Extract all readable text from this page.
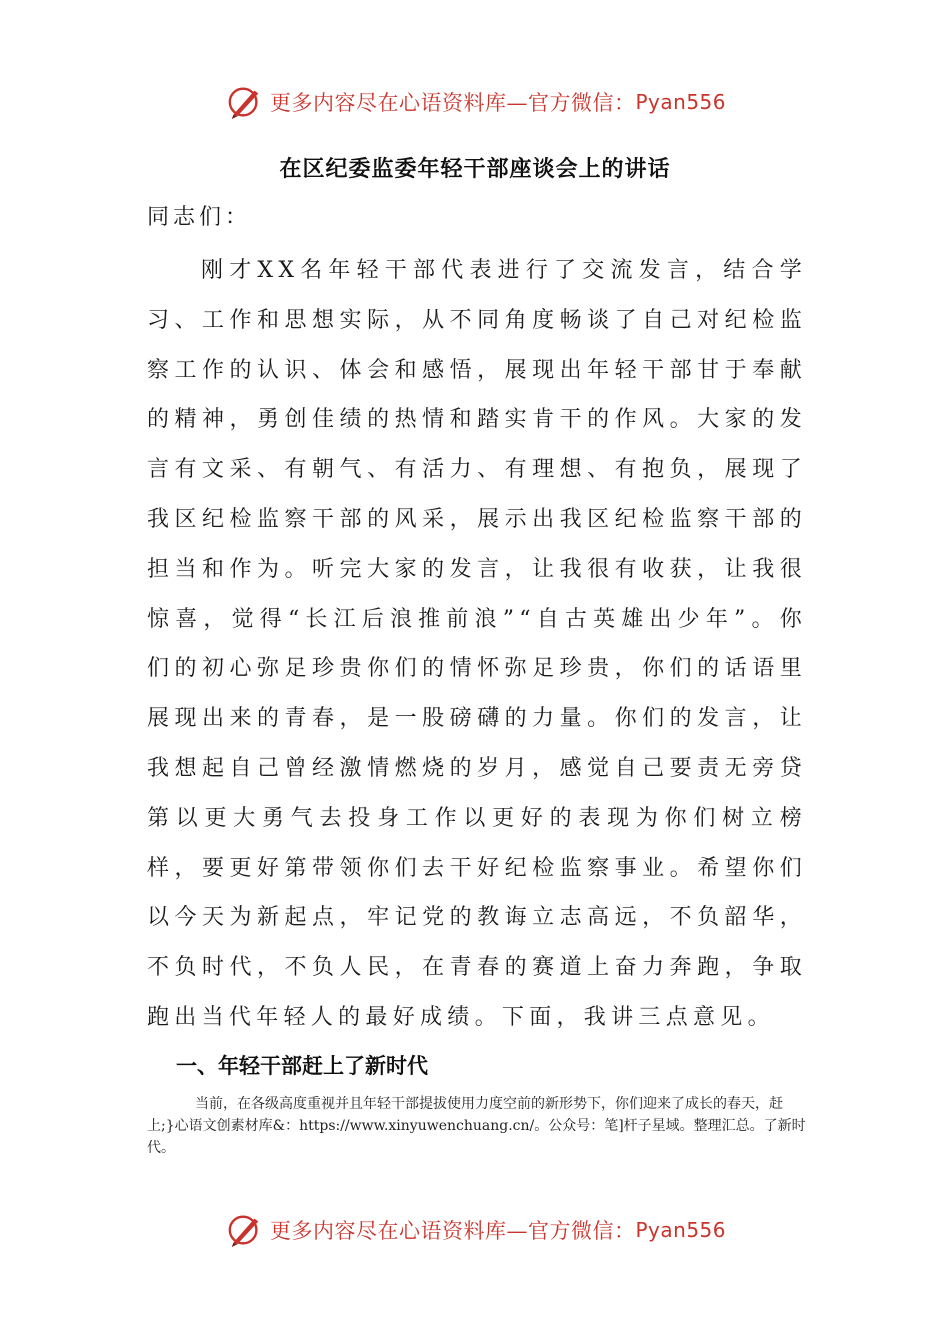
更多内容尽在心语资料库—官方微信： Pyan556
在区纪委监委年轻干部座谈会上的讲话
同志们：

刚才XX名年轻干部代表进行了交流发言，结合学习、工作和思想实际，从不同角度畅谈了自己对纪检监察工作的认识、体会和感悟，展现出年轻干部甘于奉献的精神，勇创佳绩的热情和踏实肯干的作风。大家的发言有文采、有朝气、有活力、有理想、有抱负，展现了我区纪检监察干部的风采，展示出我区纪检监察干部的担当和作为。听完大家的发言，让我很有收获，让我很惊喜，觉得“长江后浪推前浪”“自古英雄出少年”。你们的初心弥足珍贵你们的情怀弥足珍贵，你们的话语里展现出来的青春，是一股磅礴的力量。你们的发言，让我想起自己曾经激情燃烧的岁月，感觉自己要责无旁贷第以更大勇气去投身工作以更好的表现为你们树立榜样，要更好第带领你们去干好纪检监察事业。希望你们以今天为新起点，牢记党的教诲立志高远，不负韶华，不负时代，不负人民，在青春的赛道上奋力奔跑，争取跑出当代年轻人的最好成绩。下面，我讲三点意见。

一、年轻干部赶上了新时代

当前，在各级高度重视并且年轻干部提拔使用力度空前的新形势下，你们迎来了成长的春天，赶上;}心语文创素材库&：https://www.xinyuwenchuang.cn/。公众号：笔]杆子星域。整理汇总。了新时代。

更多内容尽在心语资料库—官方微信： Pyan556
